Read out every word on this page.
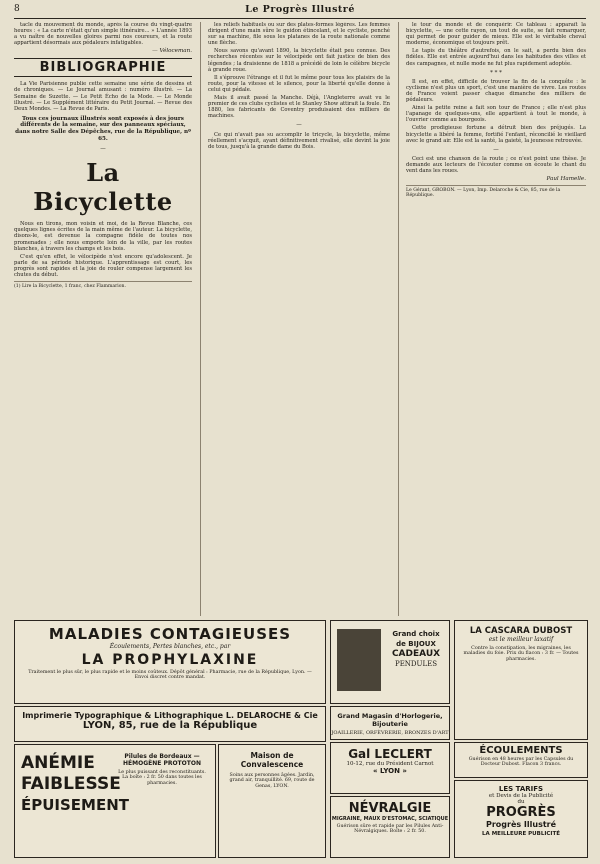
8	Le Progrès Illustré

tacle du mouvement du monde, après la course du vingt-quatre heures : « La carte n'était qu'un simple itinéraire... » L'année 1893 a vu naître de nouvelles gloires parmi nos coureurs, et la route appartient désormais aux pédaleurs infatigables.

— Véloceman.
BIBLIOGRAPHIE

La Vie Parisienne publie cette semaine une série de dessins et de chroniques. — Le Journal amusant : numéro illustré. — La Semaine de Suzette. — Le Petit Écho de la Mode. — Le Monde illustré. — Le Supplément littéraire du Petit Journal. — Revue des Deux Mondes. — La Revue de Paris.

Tous ces journaux illustrés sont exposés à des jours différents de la semaine, sur des panneaux spéciaux, dans notre Salle des Dépêches, rue de la République, nº 65.
—
La Bicyclette

Nous en tirons, mon voisin et moi, de la Revue Blanche, ces quelques lignes écrites de la main même de l'auteur. La bicyclette, disons-le, est devenue la compagne fidèle de toutes nos promenades ; elle nous emporte loin de la ville, par les routes blanches, à travers les champs et les bois.

C'est qu'en effet, le vélocipède n'est encore qu'adolescent. Je parle de sa période historique. L'apprentissage est court, les progrès sont rapides et la joie de rouler compense largement les chutes du début.

(1) Lire la Bicyclette, 1 franc, chez Flammarion.

les reliefs habituels ou sur des plates-formes légères. Les femmes dirigent d'une main sûre le guidon étincelant, et le cycliste, penché sur sa machine, file sous les platanes de la route nationale comme une flèche.

Nous savons qu'avant 1890, la bicyclette était peu connue. Des recherches récentes sur le vélocipède ont fait justice de bien des légendes ; la draisienne de 1818 a précédé de loin le célèbre bicycle à grande roue.

Il s'éprouve l'étrange et il fut le même pour tous les plaisirs de la route, pour la vitesse et le silence, pour la liberté qu'elle donne à celui qui pédale.

Mais il avait passé la Manche. Déjà, l'Angleterre avait vu le premier de ces clubs cyclistes et le Stanley Show attirait la foule. En 1880, les fabricants de Coventry produisaient des milliers de machines.

—

Ce qui n'avait pas su accomplir le tricycle, la bicyclette, même réellement s'acquit, ayant définitivement rivalisé, elle devint la joie de tous, jusqu'à la grande dame du Bois.

le tour du monde et de conquérir. Ce tableau : apparaît la bicyclette, — une cette rayon, un tout de suite, se fait remarquer, qui permet de pour guider de mieux. Elle est le véritable cheval moderne, économique et toujours prêt.

Le tapis du théâtre d'autrefois, on le sait, a perdu bien des fidèles. Elle est entrée aujourd'hui dans les habitudes des villes et des campagnes, et nulle mode ne fut plus rapidement adoptée.

* * *

Il est, en effet, difficile de trouver la fin de la conquête : le cyclisme n'est plus un sport, c'est une manière de vivre. Les routes de France voient passer chaque dimanche des milliers de pédaleurs.

Ainsi la petite reine a fait son tour de France ; elle n'est plus l'apanage de quelques-uns, elle appartient à tout le monde, à l'ouvrier comme au bourgeois.

Cette prodigieuse fortune a détruit bien des préjugés. La bicyclette a libéré la femme, fortifié l'enfant, réconcilié le vieillard avec le grand air. Elle est la santé, la gaieté, la jeunesse retrouvée.

—

Ceci est une chanson de la route ; ce n'est point une thèse. Je demande aux lecteurs de l'écouter comme on écoute le chant du vent dans les roues.

Paul Hamelle.
Le Gérant, GROBON. — Lyon, Imp. Delaroche & Cie, 85, rue de la République.
MALADIES CONTAGIEUSES
Écoulements, Pertes blanches, etc., par
LA PROPHYLAXINE
Traitement le plus sûr, le plus rapide et le moins coûteux. Dépôt général : Pharmacie, rue de la République, Lyon. — Envoi discret contre mandat.
Grand choix de BIJOUX
CADEAUX
PENDULES
LA CASCARA DUBOST
est le meilleur laxatif
Contre la constipation, les migraines, les maladies du foie. Prix du flacon : 3 fr. — Toutes pharmacies.
Grand Magasin d'Horlogerie, Bijouterie
JOAILLERIE, ORFÈVRERIE, BRONZES D'ART
Imprimerie Typographique & Lithographique L. DELAROCHE & Cie
LYON, 85, rue de la République
ANÉMIE
FAIBLESSE
ÉPUISEMENT
Pilules de Bordeaux — HÉMOGÈNE PROTOTON
Le plus puissant des reconstituants. La boîte : 2 fr. 50 dans toutes les pharmacies.
Maison de Convalescence
Soins aux personnes âgées. Jardin, grand air, tranquillité. 69, route de Genas, LYON.
Gal LECLERT
10-12, rue du Président Carnot
« LYON »
NÉVRALGIE
MIGRAINE, MAUX D'ESTOMAC, SCIATIQUE
Guérison sûre et rapide par les Pilules Anti-Névralgiques. Boîte : 2 fr. 50.
ÉCOULEMENTS
Guérison en 48 heures par les Capsules du Docteur Dubost. Flacon 3 francs.
LES TARIFS
et Devis de la Publicité
du
PROGRÈS
Progrès Illustré
LA MEILLEURE PUBLICITÉ
